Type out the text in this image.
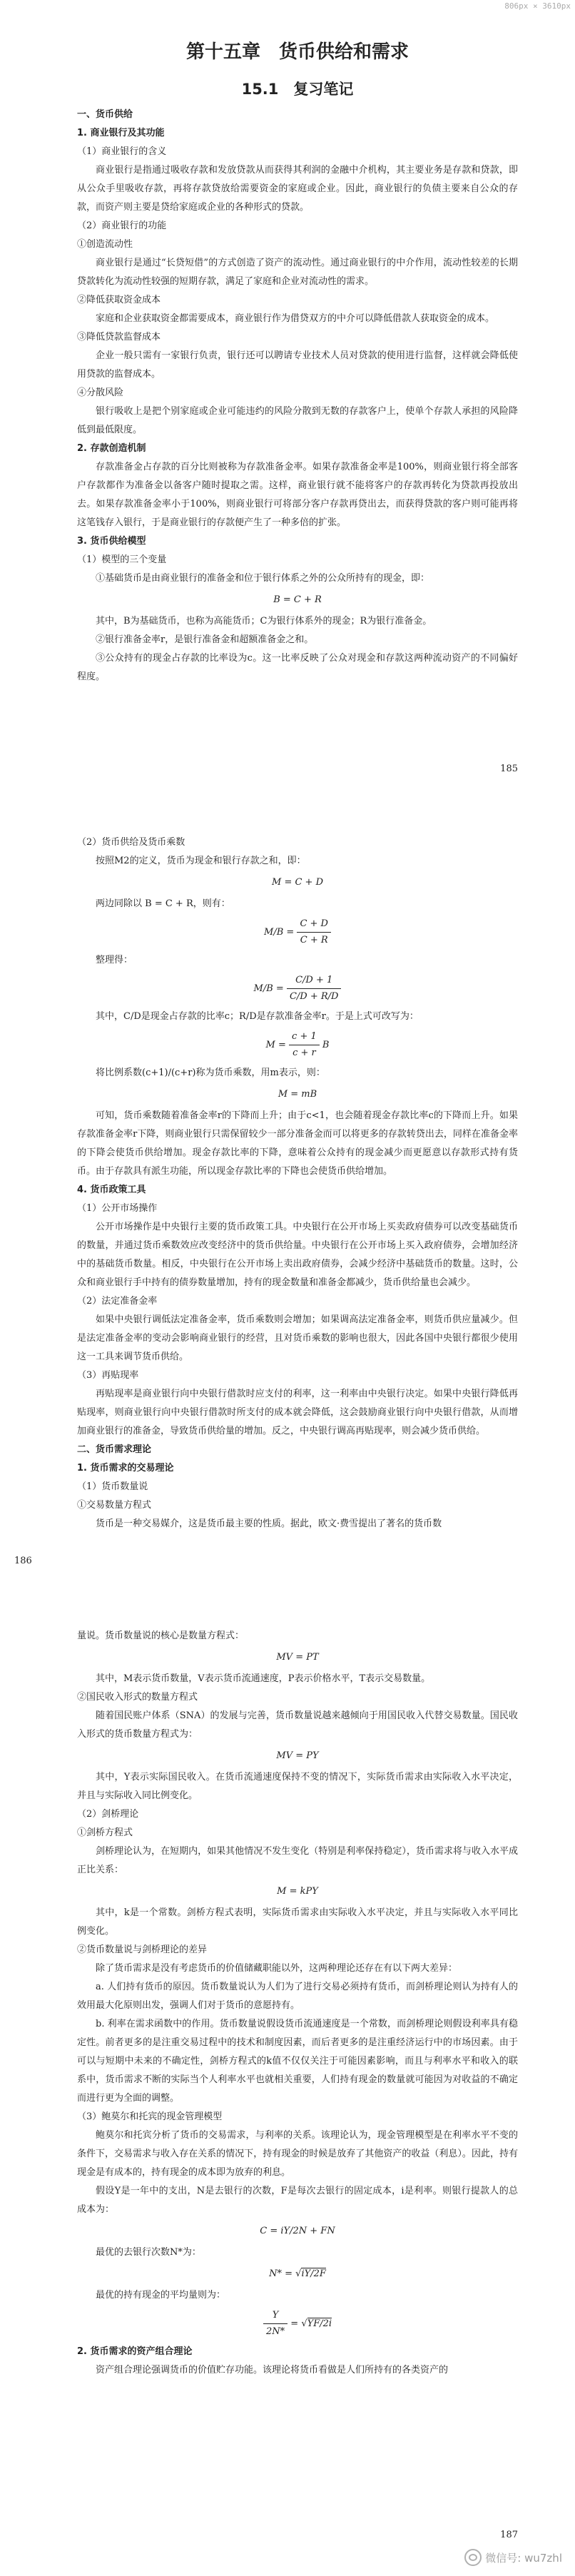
806px × 3610px

第十五章　货币供给和需求

15.1　复习笔记

一、货币供给

1. 商业银行及其功能

（1）商业银行的含义

商业银行是指通过吸收存款和发放贷款从而获得其利润的金融中介机构，其主要业务是存款和贷款，即从公众手里吸收存款，再将存款贷放给需要资金的家庭或企业。因此，商业银行的负债主要来自公众的存款，而资产则主要是贷给家庭或企业的各种形式的贷款。

（2）商业银行的功能

①创造流动性

商业银行是通过“长贷短借”的方式创造了资产的流动性。通过商业银行的中介作用，流动性较差的长期贷款转化为流动性较强的短期存款，满足了家庭和企业对流动性的需求。

②降低获取资金成本

家庭和企业获取资金都需要成本，商业银行作为借贷双方的中介可以降低借款人获取资金的成本。

③降低贷款监督成本

企业一般只需有一家银行负责，银行还可以聘请专业技术人员对贷款的使用进行监督，这样就会降低使用贷款的监督成本。

④分散风险

银行吸收上是把个别家庭或企业可能违约的风险分散到无数的存款客户上，使单个存款人承担的风险降低到最低限度。

2. 存款创造机制

存款准备金占存款的百分比则被称为存款准备金率。如果存款准备金率是100%，则商业银行将全部客户存款都作为准备金以备客户随时提取之需。这样，商业银行就不能将客户的存款再转化为贷款再投放出去。如果存款准备金率小于100%，则商业银行可将部分客户存款再贷出去，而获得贷款的客户则可能再将这笔钱存入银行，于是商业银行的存款便产生了一种多倍的扩张。

3. 货币供给模型

（1）模型的三个变量

①基础货币是由商业银行的准备金和位于银行体系之外的公众所持有的现金，即：

B = C + R

其中，B为基础货币，也称为高能货币；C为银行体系外的现金；R为银行准备金。

②银行准备金率r，是银行准备金和超额准备金之和。

③公众持有的现金占存款的比率设为c。这一比率反映了公众对现金和存款这两种流动资产的不同偏好程度。

185

（2）货币供给及货币乘数

按照M2的定义，货币为现金和银行存款之和，即：

M = C + D

两边同除以 B = C + R，则有：

$M/B = \frac{C + D}{C + R}$

整理得：

$M/B = \frac{C/D + 1}{C/D + R/D}$

其中，C/D是现金占存款的比率c；R/D是存款准备金率r。于是上式可改写为：

$M = \frac{c + 1}{c + r}$ B

将比例系数(c+1)/(c+r)称为货币乘数，用m表示，则：

M = mB

可知，货币乘数随着准备金率r的下降而上升；由于c<1，也会随着现金存款比率c的下降而上升。如果存款准备金率r下降，则商业银行只需保留较少一部分准备金而可以将更多的存款转贷出去，同样在准备金率的下降会使货币供给增加。现金存款比率的下降，意味着公众持有的现金减少而更愿意以存款形式持有货币。由于存款具有派生功能，所以现金存款比率的下降也会使货币供给增加。

4. 货币政策工具

（1）公开市场操作

公开市场操作是中央银行主要的货币政策工具。中央银行在公开市场上买卖政府债券可以改变基础货币的数量，并通过货币乘数效应改变经济中的货币供给量。中央银行在公开市场上买入政府债券，会增加经济中的基础货币数量。相反，中央银行在公开市场上卖出政府债券，会减少经济中基础货币的数量。这时，公众和商业银行手中持有的债券数量增加，持有的现金数量和准备金都减少，货币供给量也会减少。

（2）法定准备金率

如果中央银行调低法定准备金率，货币乘数则会增加；如果调高法定准备金率，则货币供应量减少。但是法定准备金率的变动会影响商业银行的经营，且对货币乘数的影响也很大，因此各国中央银行都很少使用这一工具来调节货币供给。

（3）再贴现率

再贴现率是商业银行向中央银行借款时应支付的利率，这一利率由中央银行决定。如果中央银行降低再贴现率，则商业银行向中央银行借款时所支付的成本就会降低，这会鼓励商业银行向中央银行借款，从而增加商业银行的准备金，导致货币供给量的增加。反之，中央银行调高再贴现率，则会减少货币供给。

二、货币需求理论

1. 货币需求的交易理论

（1）货币数量说

①交易数量方程式

货币是一种交易媒介，这是货币最主要的性质。据此，欧文·费雪提出了著名的货币数

186

量说。货币数量说的核心是数量方程式：

MV = PT

其中，M表示货币数量，V表示货币流通速度，P表示价格水平，T表示交易数量。

②国民收入形式的数量方程式

随着国民账户体系（SNA）的发展与完善，货币数量说越来越倾向于用国民收入代替交易数量。国民收入形式的货币数量方程式为：

MV = PY

其中，Y表示实际国民收入。在货币流通速度保持不变的情况下，实际货币需求由实际收入水平决定，并且与实际收入同比例变化。

（2）剑桥理论

①剑桥方程式

剑桥理论认为，在短期内，如果其他情况不发生变化（特别是利率保持稳定），货币需求将与收入水平成正比关系：

M = kPY

其中，k是一个常数。剑桥方程式表明，实际货币需求由实际收入水平决定，并且与实际收入水平同比例变化。

②货币数量说与剑桥理论的差异

除了货币需求是没有考虑货币的价值储藏职能以外，这两种理论还存在有以下两大差异：

a. 人们持有货币的原因。货币数量说认为人们为了进行交易必须持有货币，而剑桥理论则认为持有人的效用最大化原则出发，强调人们对于货币的意愿持有。

b. 利率在需求函数中的作用。货币数量说假设货币流通速度是一个常数，而剑桥理论则假设利率具有稳定性。前者更多的是注重交易过程中的技术和制度因素，而后者更多的是注重经济运行中的市场因素。由于可以与短期中未来的不确定性，剑桥方程式的k值不仅仅关注于可能因素影响，而且与利率水平和收入的联系中，货币需求不断的实际当个人利率水平也就相关重要，人们持有现金的数量就可能因为对收益的不确定而进行更为全面的调整。

（3）鲍莫尔和托宾的现金管理模型

鲍莫尔和托宾分析了货币的交易需求，与利率的关系。该理论认为，现金管理模型是在利率水平不变的条件下，交易需求与收入存在关系的情况下，持有现金的时候是放弃了其他资产的收益（利息）。因此，持有现金是有成本的，持有现金的成本即为放弃的利息。

假设Y是一年中的支出，N是去银行的次数，F是每次去银行的固定成本，i是利率。则银行提款人的总成本为：

C = iY/2N + FN

最优的去银行次数N*为：

N* = √iY/2F

最优的持有现金的平均量则为：

$\frac{Y}{2N*} = √YF/2i$

2. 货币需求的资产组合理论

资产组合理论强调货币的价值贮存功能。该理论将货币看做是人们所持有的各类资产的

187
微信号: wu7zhl
